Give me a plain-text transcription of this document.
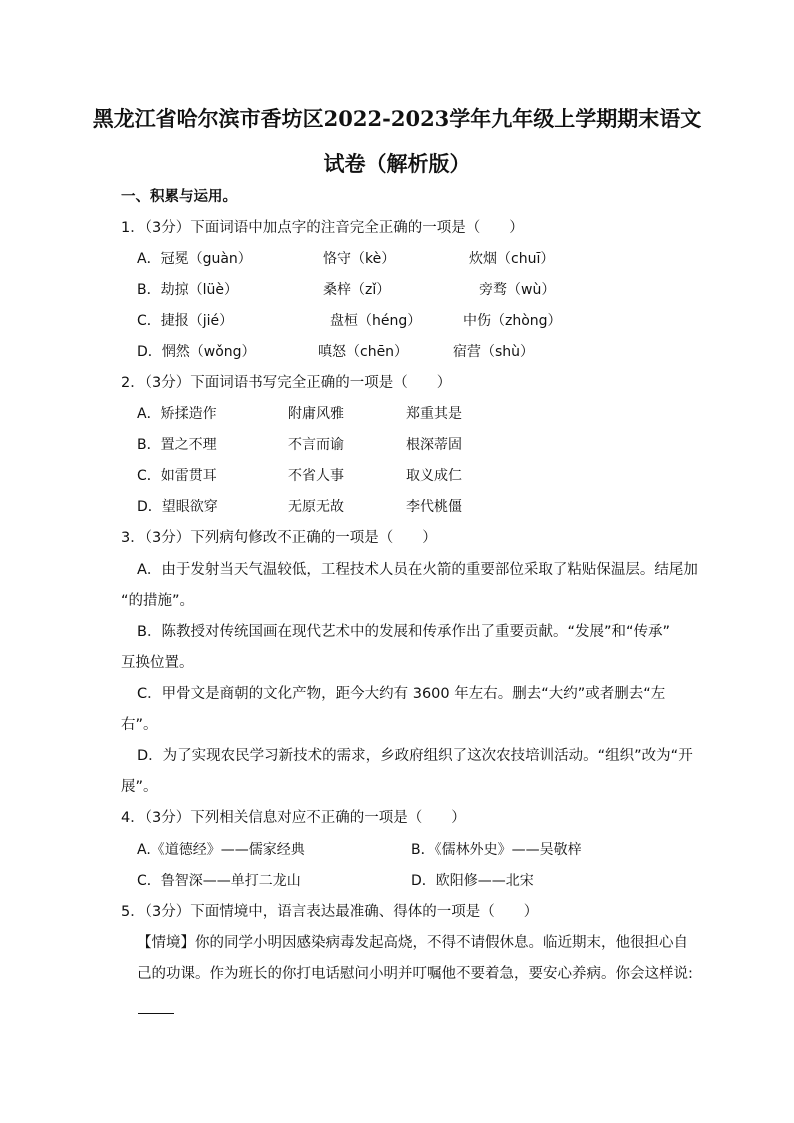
黑龙江省哈尔滨市香坊区2022-2023学年九年级上学期期末语文
试卷（解析版）
一、积累与运用。
1．（3分）下面词语中加点字的注音完全正确的一项是（　　）
A．冠冕（guàn）	恪守（kè）	炊烟（chuī）
B．劫掠（lüè）	桑梓（zǐ）	旁骛（wù）
C．捷报（jié）	盘桓（héng）	中伤（zhòng）
D．惘然（wǒng）	嗔怒（chēn）	宿营（shù）
2．（3分）下面词语书写完全正确的一项是（　　）
A．矫揉造作	附庸风雅	郑重其是
B．置之不理	不言而谕	根深蒂固
C．如雷贯耳	不省人事	取义成仁
D．望眼欲穿	无原无故	李代桃僵
3．（3分）下列病句修改不正确的一项是（　　）
A．由于发射当天气温较低，工程技术人员在火箭的重要部位采取了粘贴保温层。结尾加
“的措施”。
B．陈教授对传统国画在现代艺术中的发展和传承作出了重要贡献。“发展”和“传承”
互换位置。
C．甲骨文是商朝的文化产物，距今大约有 3600 年左右。删去“大约”或者删去“左
右”。
D．为了实现农民学习新技术的需求，乡政府组织了这次农技培训活动。“组织”改为“开
展”。
4．（3分）下列相关信息对应不正确的一项是（　　）
A.《道德经》——儒家经典	B．《儒林外史》——吴敬梓
C．鲁智深——单打二龙山	D．欧阳修——北宋
5．（3分）下面情境中，语言表达最准确、得体的一项是（　　）
【情境】你的同学小明因感染病毒发起高烧，不得不请假休息。临近期末，他很担心自
己的功课。作为班长的你打电话慰问小明并叮嘱他不要着急，要安心养病。你会这样说:
